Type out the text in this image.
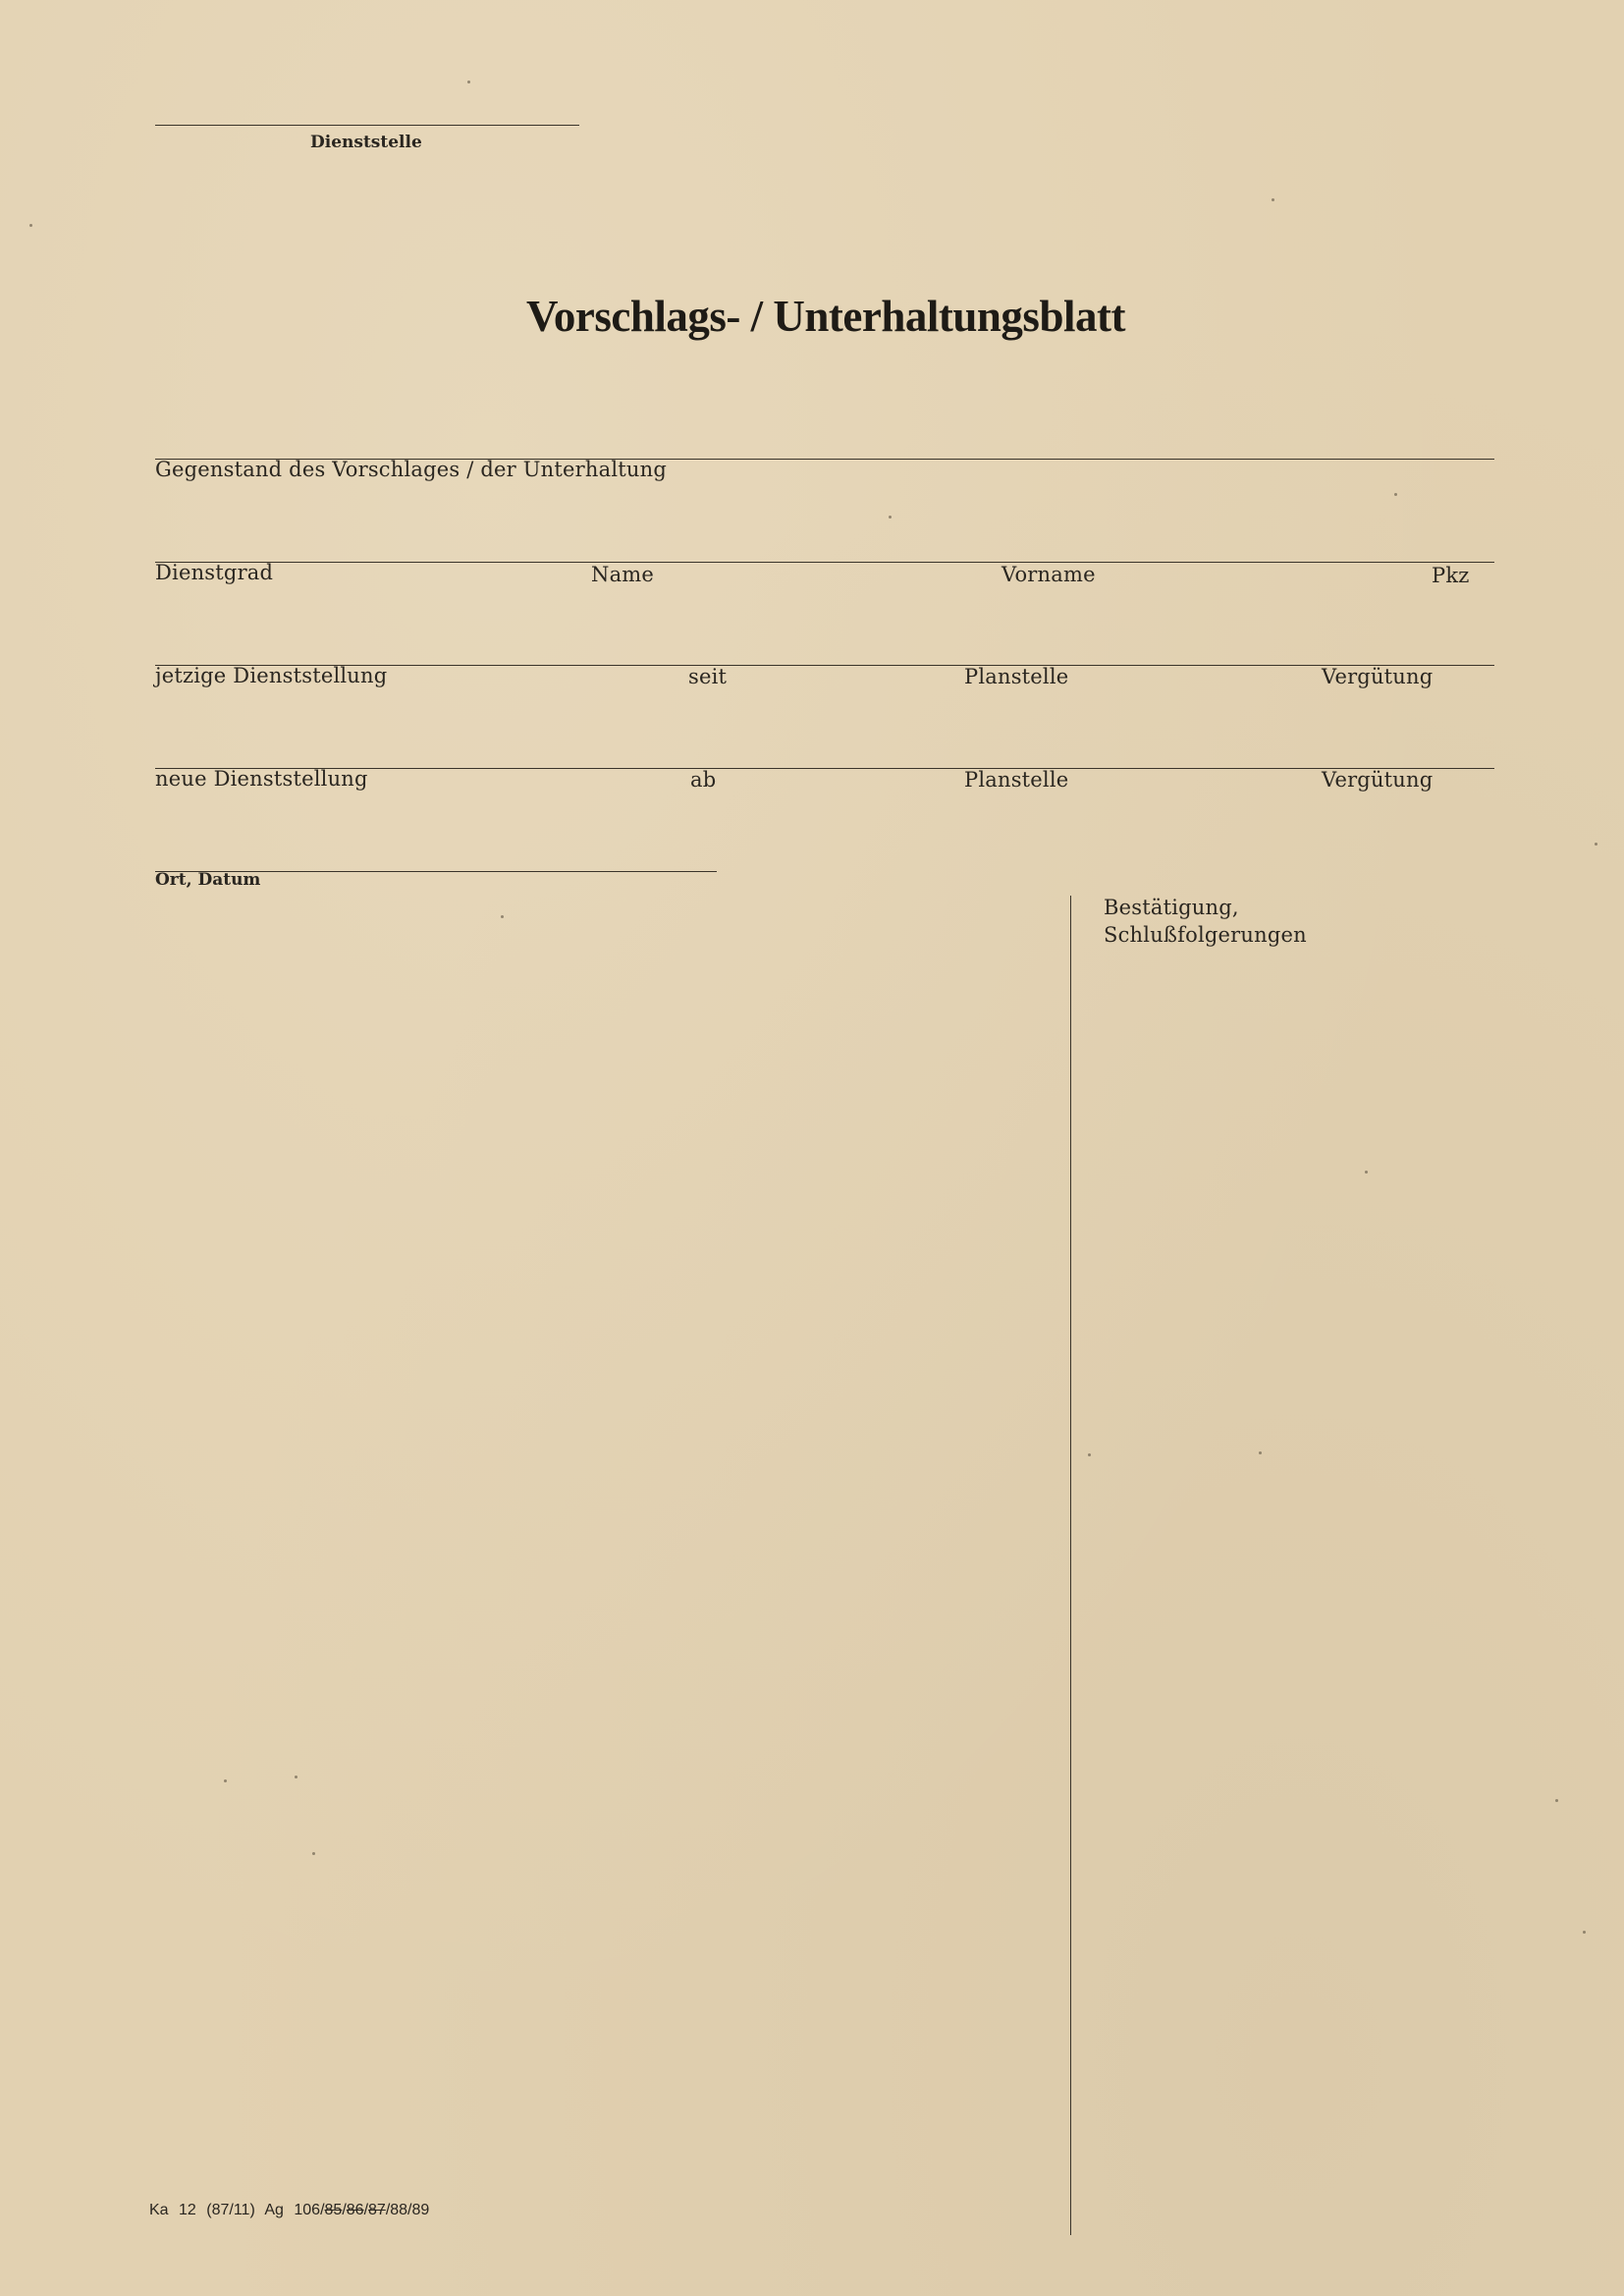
Dienststelle
Vorschlags- / Unterhaltungsblatt
Gegenstand des Vorschlages / der Unterhaltung
Dienstgrad	Name	Vorname	Pkz
jetzige Dienststellung	seit	Planstelle	Vergütung
neue Dienststellung	ab	Planstelle	Vergütung
Ort, Datum
Bestätigung,
Schlußfolgerungen
Ka 12 (87/11) Ag 106/85/86/87/88/89
